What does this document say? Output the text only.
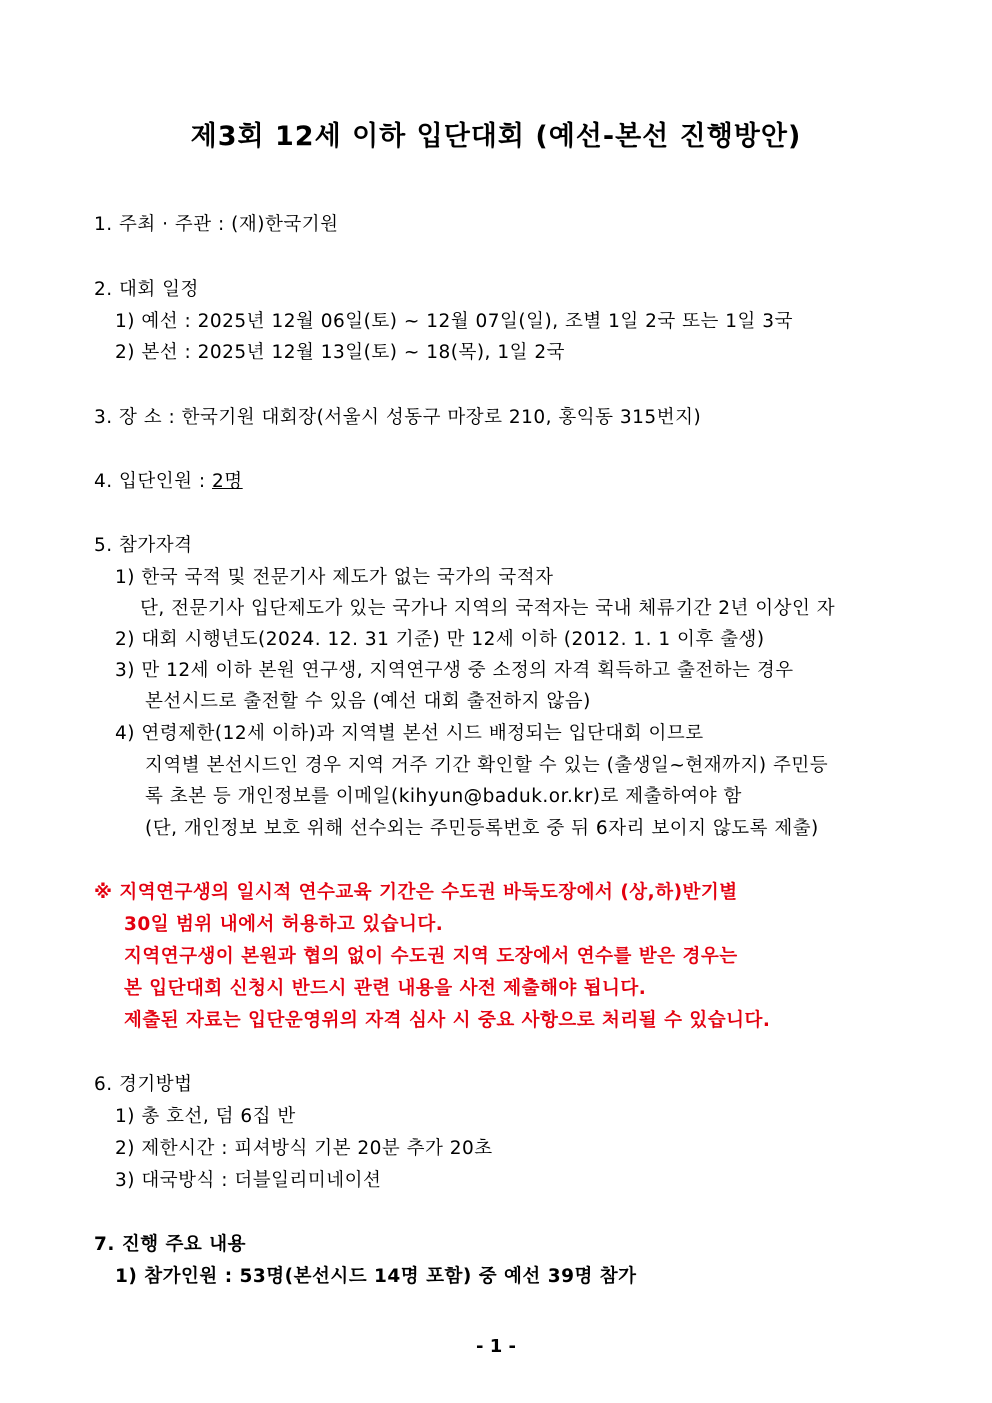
제3회 12세 이하 입단대회 (예선-본선 진행방안)
1. 주최 · 주관 : (재)한국기원
2. 대회 일정
1) 예선 : 2025년 12월 06일(토) ~ 12월 07일(일), 조별 1일 2국 또는 1일 3국
2) 본선 : 2025년 12월 13일(토) ~ 18(목), 1일 2국
3. 장 소 : 한국기원 대회장(서울시 성동구 마장로 210, 홍익동 315번지)
4. 입단인원 : 2명
5. 참가자격
1) 한국 국적 및 전문기사 제도가 없는 국가의 국적자
단, 전문기사 입단제도가 있는 국가나 지역의 국적자는 국내 체류기간 2년 이상인 자
2) 대회 시행년도(2024. 12. 31 기준) 만 12세 이하 (2012. 1. 1 이후 출생)
3) 만 12세 이하 본원 연구생, 지역연구생 중 소정의 자격 획득하고 출전하는 경우
본선시드로 출전할 수 있음 (예선 대회 출전하지 않음)
4) 연령제한(12세 이하)과 지역별 본선 시드 배정되는 입단대회 이므로
지역별 본선시드인 경우 지역 거주 기간 확인할 수 있는 (출생일~현재까지) 주민등
록 초본 등 개인정보를 이메일(kihyun@baduk.or.kr)로 제출하여야 함
(단, 개인정보 보호 위해 선수외는 주민등록번호 중 뒤 6자리 보이지 않도록 제출)
※ 지역연구생의 일시적 연수교육 기간은 수도권 바둑도장에서 (상,하)반기별
30일 범위 내에서 허용하고 있습니다.
지역연구생이 본원과 협의 없이 수도권 지역 도장에서 연수를 받은 경우는
본 입단대회 신청시 반드시 관련 내용을 사전 제출해야 됩니다.
제출된 자료는 입단운영위의 자격 심사 시 중요 사항으로 처리될 수 있습니다.
6. 경기방법
1) 총 호선, 덤 6집 반
2) 제한시간 : 피셔방식 기본 20분 추가 20초
3) 대국방식 : 더블일리미네이션
7. 진행 주요 내용
1) 참가인원 : 53명(본선시드 14명 포함) 중 예선 39명 참가
- 1 -
